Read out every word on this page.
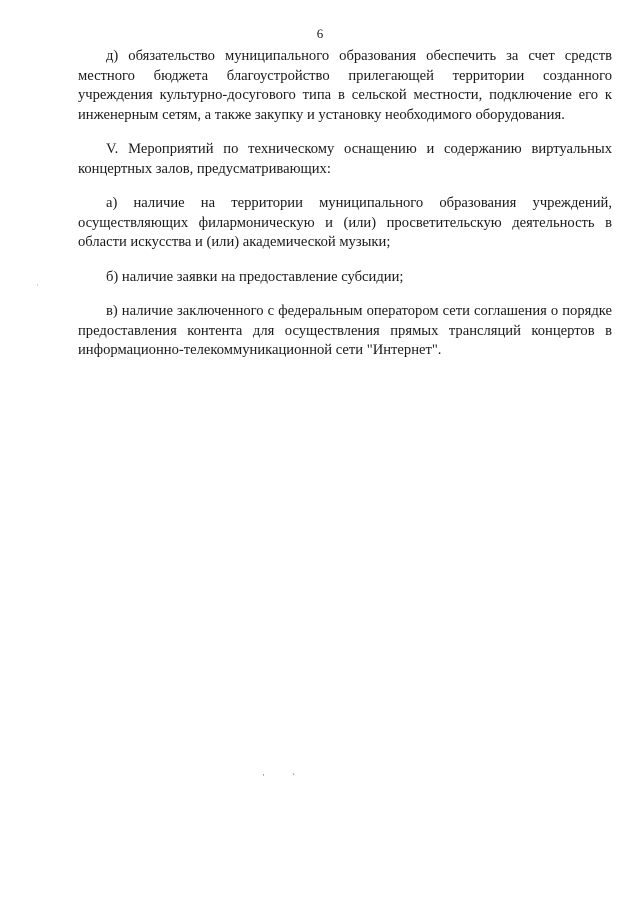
6

д) обязательство муниципального образования обеспечить за счет средств местного бюджета благоустройство прилегающей территории созданного учреждения культурно-досугового типа в сельской местности, подключение его к инженерным сетям, а также закупку и установку необходимого оборудования.

V. Мероприятий по техническому оснащению и содержанию виртуальных концертных залов, предусматривающих:

а) наличие на территории муниципального образования учреждений, осуществляющих филармоническую и (или) просветительскую деятельность в области искусства и (или) академической музыки;

б) наличие заявки на предоставление субсидии;

в) наличие заключенного с федеральным оператором сети соглашения о порядке предоставления контента для осуществления прямых трансляций концертов в информационно-телекоммуникационной сети "Интернет".

·	`
·
